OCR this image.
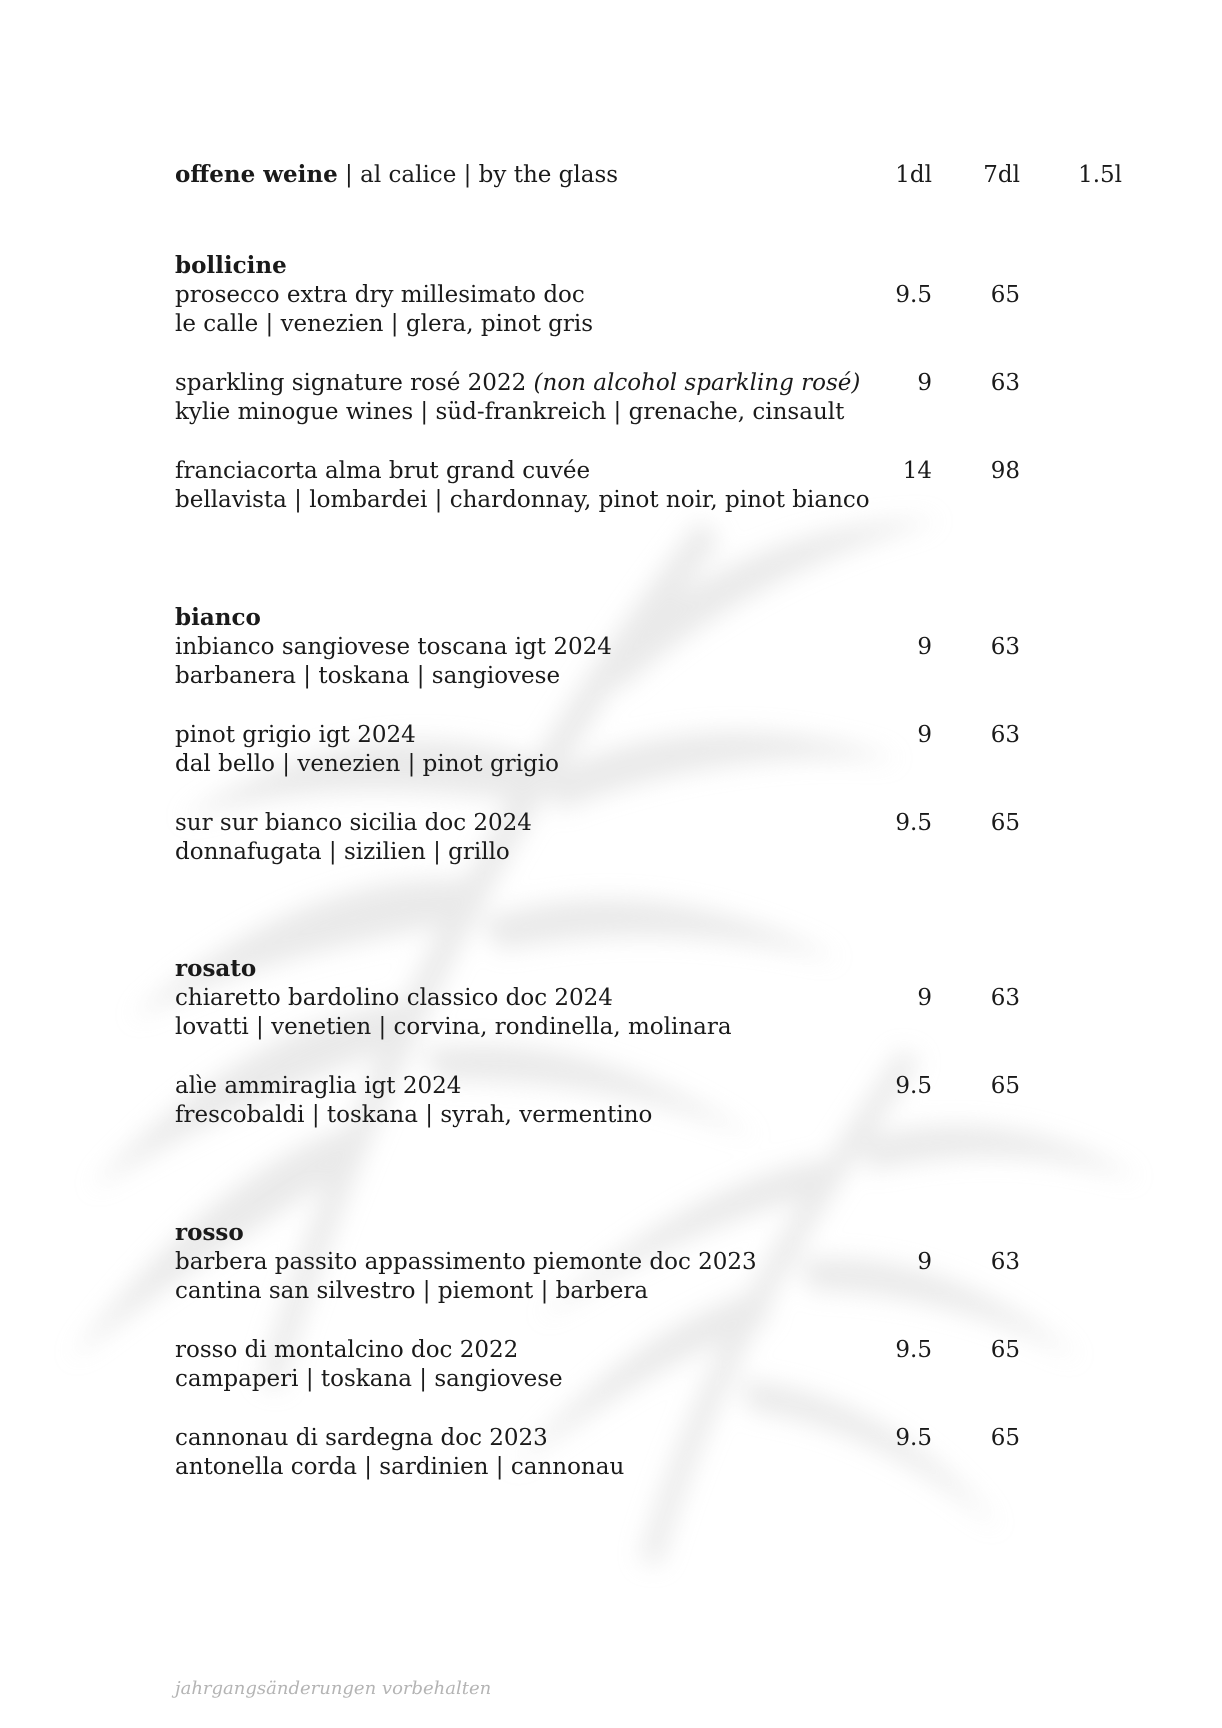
offene weine | al calice | by the glass	1dl	7dl	1.5l
bollicine
prosecco extra dry millesimato doc
le calle | venezien | glera, pinot gris
9.5	65
sparkling signature rosé 2022 (non alcohol sparkling rosé)
kylie minogue wines | süd-frankreich | grenache, cinsault
9	63
franciacorta alma brut grand cuvée
bellavista | lombardei | chardonnay, pinot noir, pinot bianco
14	98
bianco
inbianco sangiovese toscana igt 2024
barbanera | toskana | sangiovese
9	63
pinot grigio igt 2024
dal bello | venezien | pinot grigio
9	63
sur sur bianco sicilia doc 2024
donnafugata | sizilien | grillo
9.5	65
rosato
chiaretto bardolino classico doc 2024
lovatti | venetien | corvina, rondinella, molinara
9	63
alìe ammiraglia igt 2024
frescobaldi | toskana | syrah, vermentino
9.5	65
rosso
barbera passito appassimento piemonte doc 2023
cantina san silvestro | piemont | barbera
9	63
rosso di montalcino doc 2022
campaperi | toskana | sangiovese
9.5	65
cannonau di sardegna doc 2023
antonella corda | sardinien | cannonau
9.5	65
jahrgangsänderungen vorbehalten
